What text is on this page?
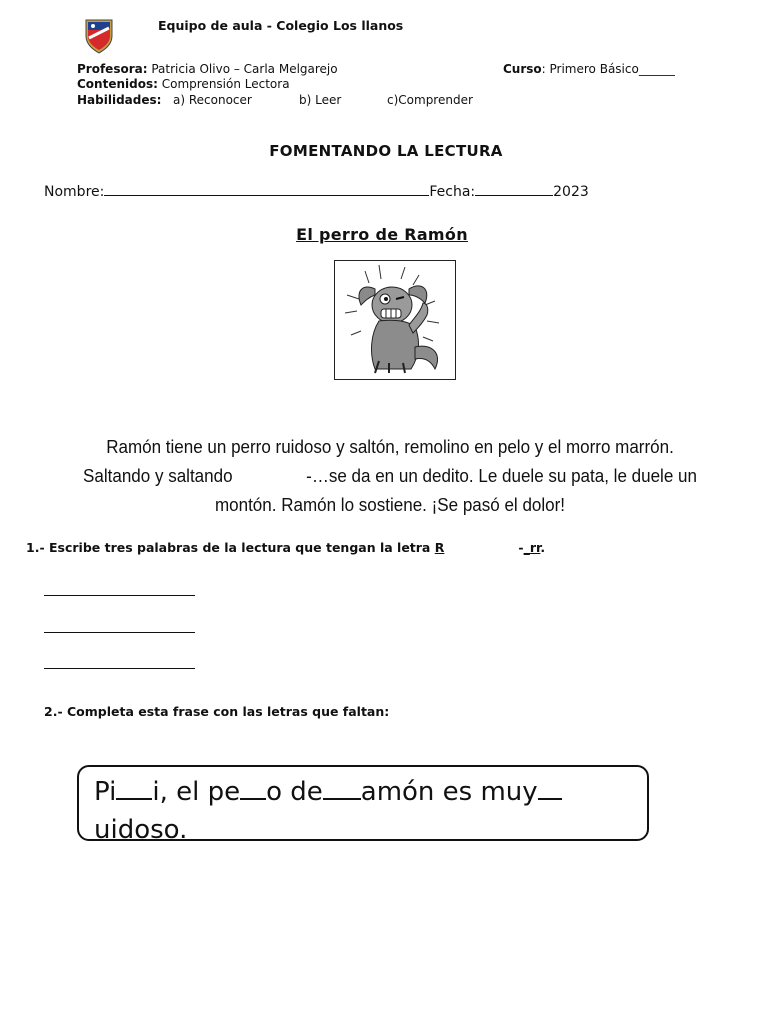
Equipo de aula - Colegio Los llanos
Profesora: Patricia Olivo – Carla Melgarejo	Curso: Primero Básico______
Contenidos: Comprensión Lectora
Habilidades: a) Reconocer	b) Leer	c)Comprender
FOMENTANDO LA LECTURA
Nombre:	Fecha:	2023
El perro de Ramón
Ramón tiene un perro ruidoso y saltón, remolino en pelo y el morro marrón.
Saltando y saltando	-…se da en un dedito. Le duele su pata, le duele un
montón. Ramón lo sostiene. ¡Se pasó el dolor!
1.- Escribe tres palabras de la lectura que tengan la letra R	-_rr.
2.- Completa esta frase con las letras que faltan:
Pi i, el pe o de amón es muy uidoso.
